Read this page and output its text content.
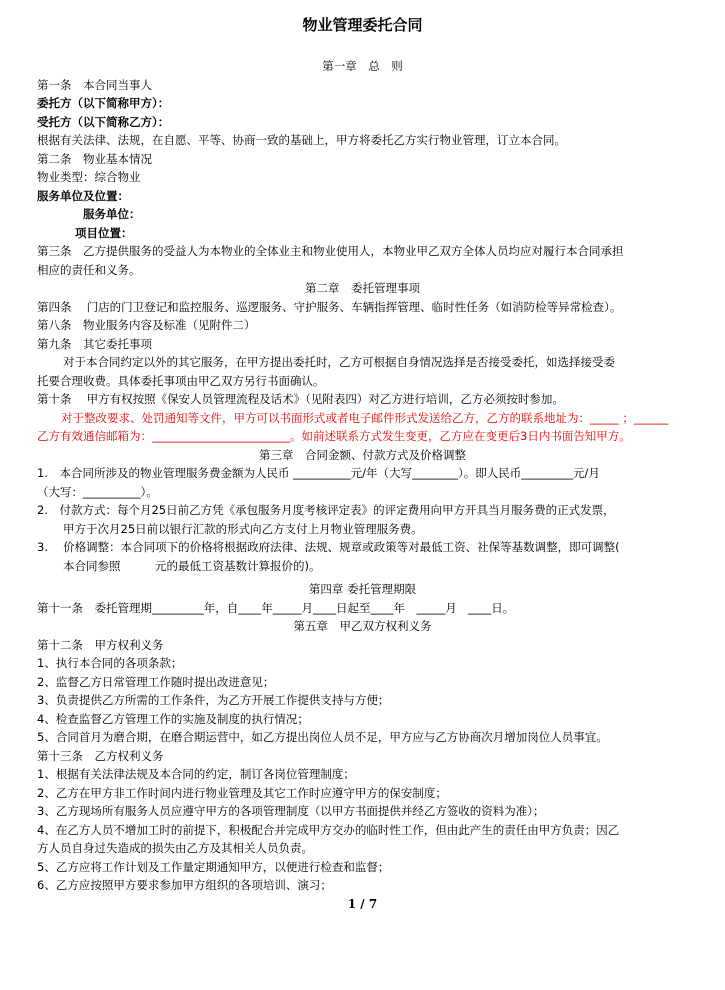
物业管理委托合同
第一章　总　则
第一条　本合同当事人
委托方（以下简称甲方）：
受托方（以下简称乙方）：
根据有关法律、法规，在自愿、平等、协商一致的基础上，甲方将委托乙方实行物业管理，订立本合同。
第二条　物业基本情况
物业类型：综合物业
服务单位及位置：
服务单位：
项目位置：
第三条　乙方提供服务的受益人为本物业的全体业主和物业使用人，本物业甲乙双方全体人员均应对履行本合同承担
相应的责任和义务。
第二章　委托管理事项
第四条　 门店的门卫登记和监控服务、巡逻服务、守护服务、车辆指挥管理、临时性任务（如消防检等异常检查）。
第八条　物业服务内容及标准（见附件二）
第九条　其它委托事项
对于本合同约定以外的其它服务，在甲方提出委托时，乙方可根据自身情况选择是否接受委托，如选择接受委
托要合理收费。具体委托事项由甲乙双方另行书面确认。
第十条　 甲方有权按照《保安人员管理流程及话术》（见附表四）对乙方进行培训，乙方必须按时参加。
对于整改要求、处罚通知等文件，甲方可以书面形式或者电子邮件形式发送给乙方，乙方的联系地址为：_____ ；______
乙方有效通信邮箱为：________________________。如前述联系方式发生变更，乙方应在变更后3日内书面告知甲方。
第三章　合同金额、付款方式及价格调整
1.　本合同所涉及的物业管理服务费金额为人民币 __________元/年（大写________）。即人民币_________元/月
（大写：__________）。
2.　付款方式：每个月25日前乙方凭《承包服务月度考核评定表》的评定费用向甲方开具当月服务费的正式发票，
甲方于次月25日前以银行汇款的形式向乙方支付上月物业管理服务费。
3.　 价格调整：本合同项下的价格将根据政府法律、法规、规章或政策等对最低工资、社保等基数调整，即可调整(
本合同参照　　　元的最低工资基数计算报价的)。
第四章 委托管理期限
第十一条　委托管理期_________年，自____年_____月____日起至____年　_____月　____日。
第五章　甲乙双方权利义务
第十二条　甲方权利义务
1、执行本合同的各项条款；
2、监督乙方日常管理工作随时提出改进意见；
3、负责提供乙方所需的工作条件，为乙方开展工作提供支持与方便；
4、检查监督乙方管理工作的实施及制度的执行情况；
5、合同首月为磨合期，在磨合期运营中，如乙方提出岗位人员不足，甲方应与乙方协商次月增加岗位人员事宜。
第十三条　乙方权利义务
1、根据有关法律法规及本合同的约定，制订各岗位管理制度；
2、乙方在甲方非工作时间内进行物业管理及其它工作时应遵守甲方的保安制度；
3、乙方现场所有服务人员应遵守甲方的各项管理制度（以甲方书面提供并经乙方签收的资料为准）；
4、在乙方人员不增加工时的前提下，积极配合并完成甲方交办的临时性工作，但由此产生的责任由甲方负责；因乙
方人员自身过失造成的损失由乙方及其相关人员负责。
5、乙方应将工作计划及工作量定期通知甲方，以便进行检查和监督；
6、乙方应按照甲方要求参加甲方组织的各项培训、演习；
1 / 7
